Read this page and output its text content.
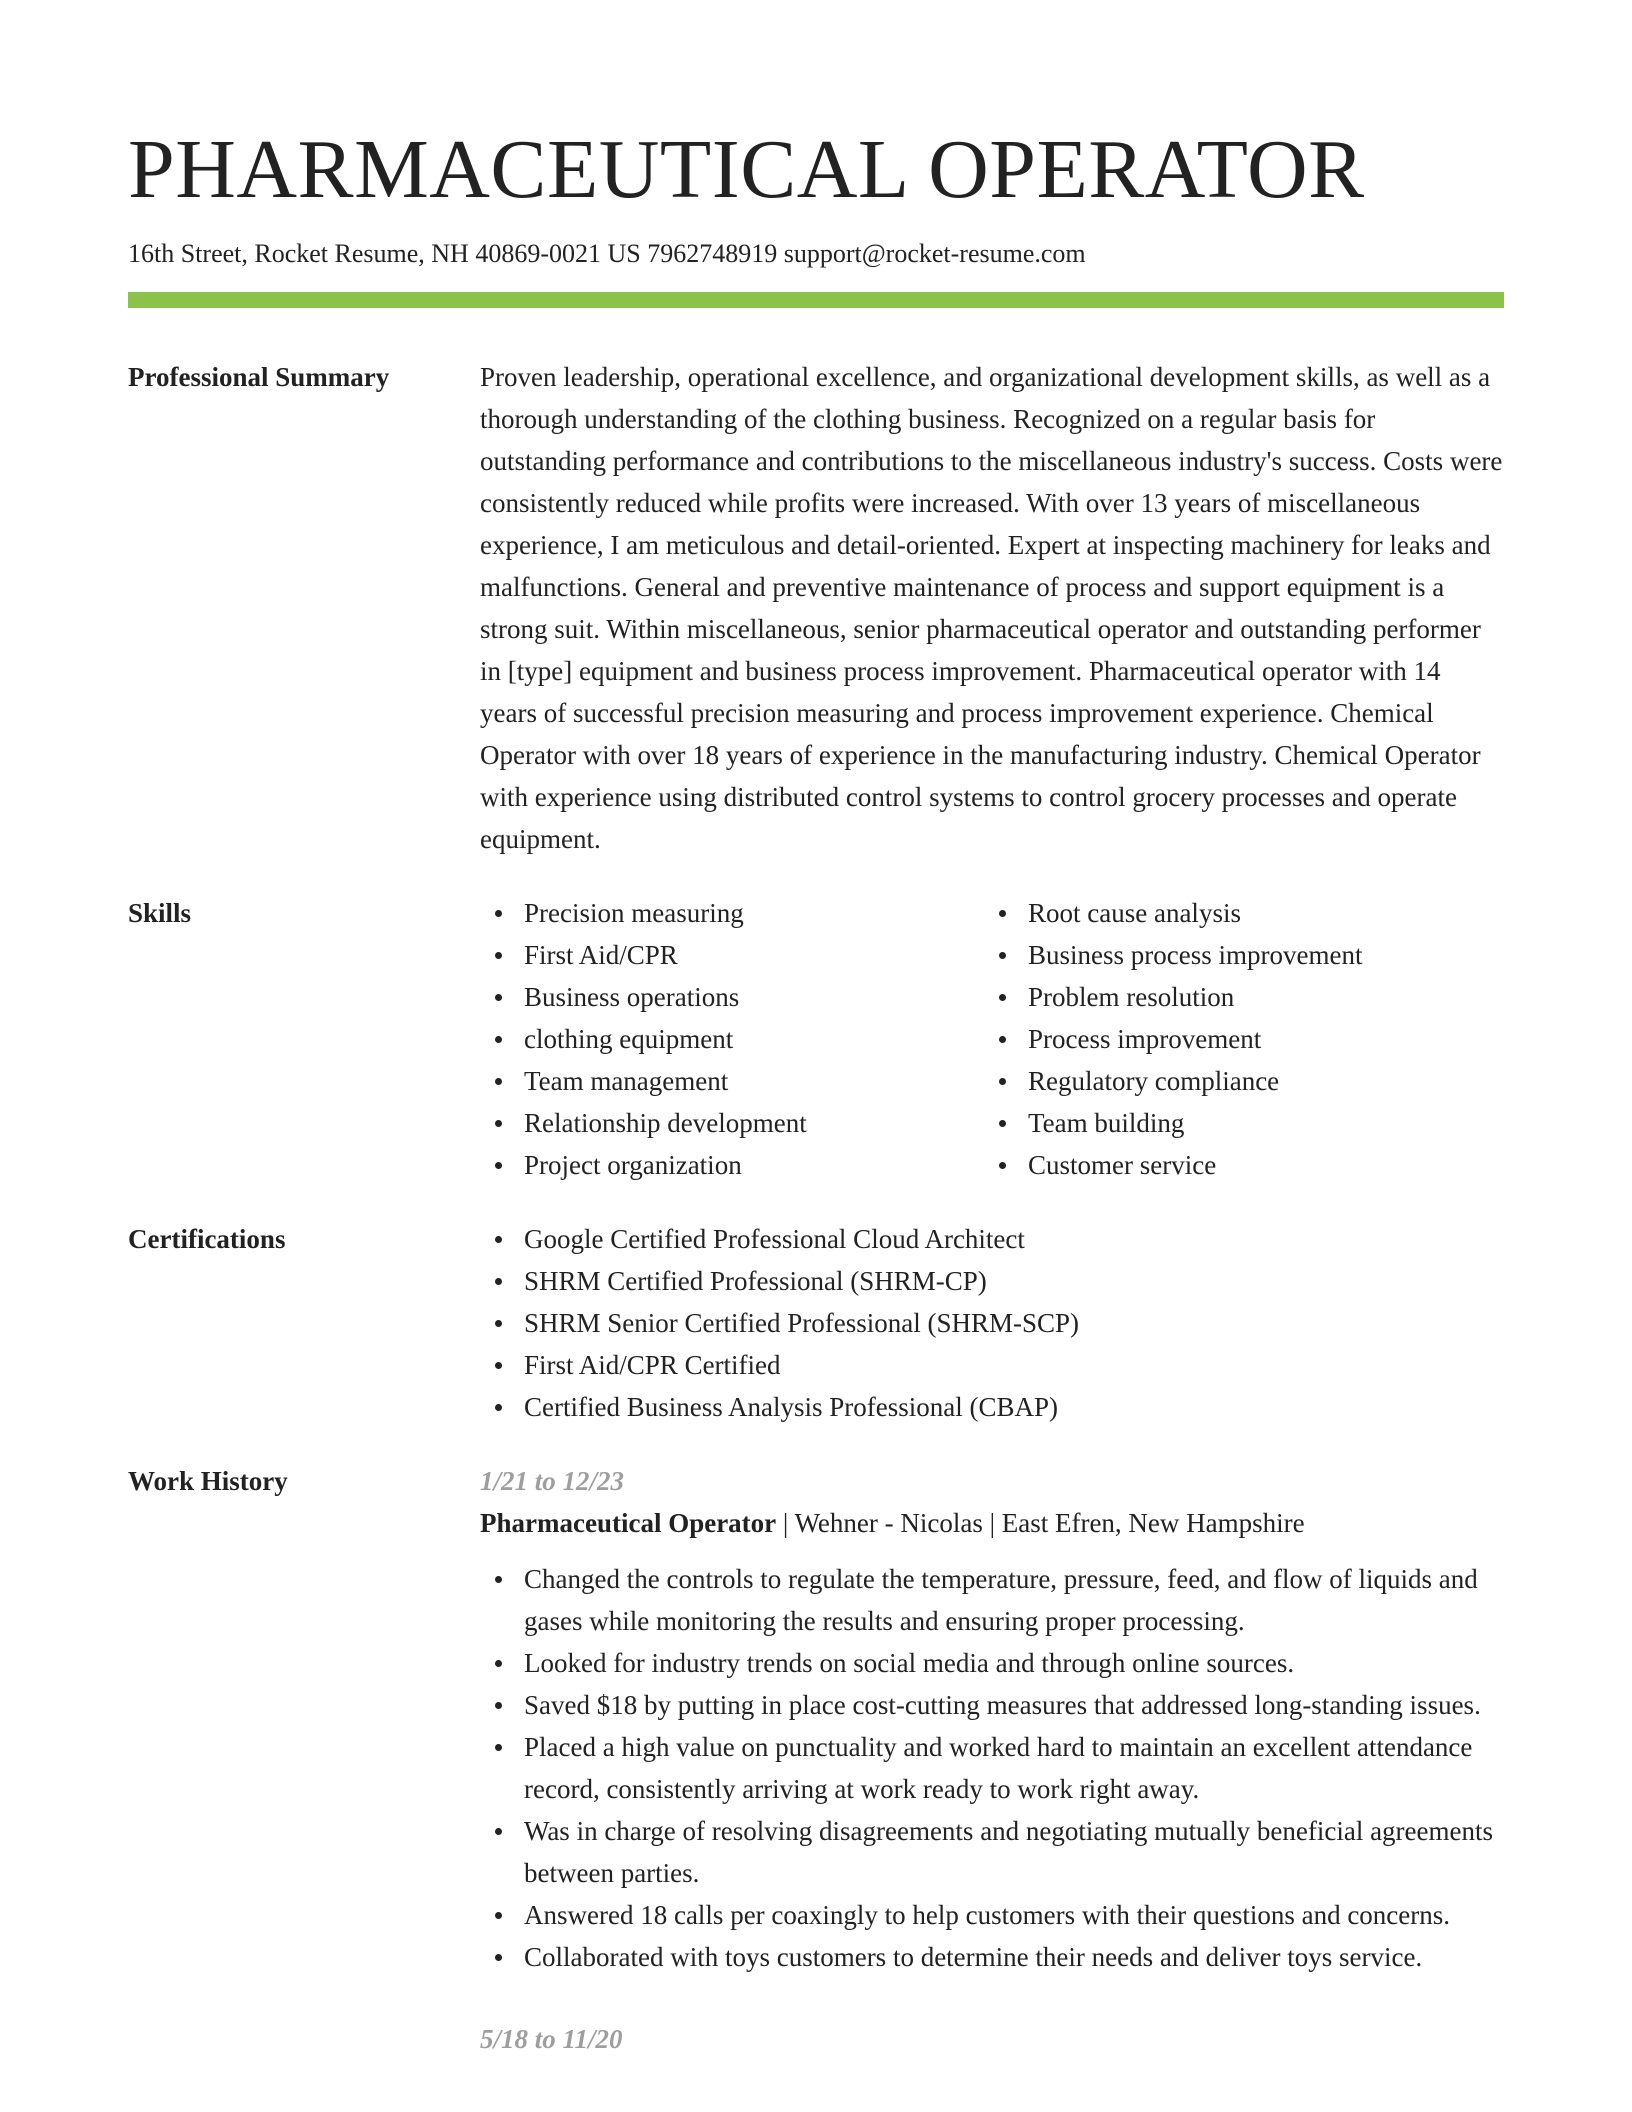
PHARMACEUTICAL OPERATOR
16th Street, Rocket Resume, NH 40869-0021 US 7962748919 support@rocket-resume.com
Professional Summary	Proven leadership, operational excellence, and organizational development skills, as well as a thorough understanding of the clothing business. Recognized on a regular basis for outstanding performance and contributions to the miscellaneous industry's success. Costs were consistently reduced while profits were increased. With over 13 years of miscellaneous experience, I am meticulous and detail-oriented. Expert at inspecting machinery for leaks and malfunctions. General and preventive maintenance of process and support equipment is a strong suit. Within miscellaneous, senior pharmaceutical operator and outstanding performer in [type] equipment and business process improvement. Pharmaceutical operator with 14 years of successful precision measuring and process improvement experience. Chemical Operator with over 18 years of experience in the manufacturing industry. Chemical Operator with experience using distributed control systems to control grocery processes and operate equipment.

Skills	Precision measuring
First Aid/CPR
Business operations
clothing equipment
Team management
Relationship development
Project organization
Root cause analysis
Business process improvement
Problem resolution
Process improvement
Regulatory compliance
Team building
Customer service
Certifications	Google Certified Professional Cloud Architect
SHRM Certified Professional (SHRM-CP)
SHRM Senior Certified Professional (SHRM-SCP)
First Aid/CPR Certified
Certified Business Analysis Professional (CBAP)
Work History	1/21 to 12/23
Pharmaceutical Operator | Wehner - Nicolas | East Efren, New Hampshire
Changed the controls to regulate the temperature, pressure, feed, and flow of liquids and gases while monitoring the results and ensuring proper processing.
Looked for industry trends on social media and through online sources.
Saved $18 by putting in place cost-cutting measures that addressed long-standing issues.
Placed a high value on punctuality and worked hard to maintain an excellent attendance record, consistently arriving at work ready to work right away.
Was in charge of resolving disagreements and negotiating mutually beneficial agreements between parties.
Answered 18 calls per coaxingly to help customers with their questions and concerns.
Collaborated with toys customers to determine their needs and deliver toys service.
5/18 to 11/20
